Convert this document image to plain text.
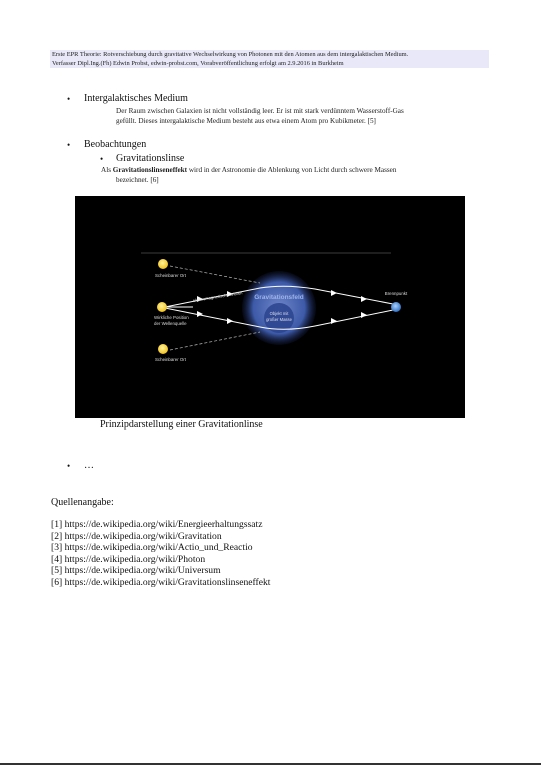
Erste EPR Theorie: Rotverschiebung durch gravitative Wechselwirkung von Photonen mit den Atomen aus dem intergalaktischen Medium.
Verfasser Dipl.Ing.(Fh) Edwin Probst, edwin-probst.com, Vorabveröffentlichung erfolgt am 2.9.2016 in Burkheim
• Intergalaktisches Medium
Der Raum zwischen Galaxien ist nicht vollständig leer. Er ist mit stark verdünntem Wasserstoff-Gas
gefüllt. Dieses intergalaktische Medium besteht aus etwa einem Atom pro Kubikmeter. [5]
• Beobachtungen
• Gravitationslinse
Als Gravitationslinseneffekt wird in der Astronomie die Ablenkung von Licht durch schwere Massen
bezeichnet. [6]
Scheinbarer Ort
Wirkliche Position
der Wellenquelle
Scheinbarer Ort
elektromagnetische Wellen Gravitationsfeld
Objekt mit
großer Masse
Brennpunkt
Prinzipdarstellung einer Gravitationlinse
• …
Quellenangabe:
[1] https://de.wikipedia.org/wiki/Energieerhaltungssatz
[2] https://de.wikipedia.org/wiki/Gravitation
[3] https://de.wikipedia.org/wiki/Actio_und_Reactio
[4] https://de.wikipedia.org/wiki/Photon
[5] https://de.wikipedia.org/wiki/Universum
[6] https://de.wikipedia.org/wiki/Gravitationslinseneffekt
